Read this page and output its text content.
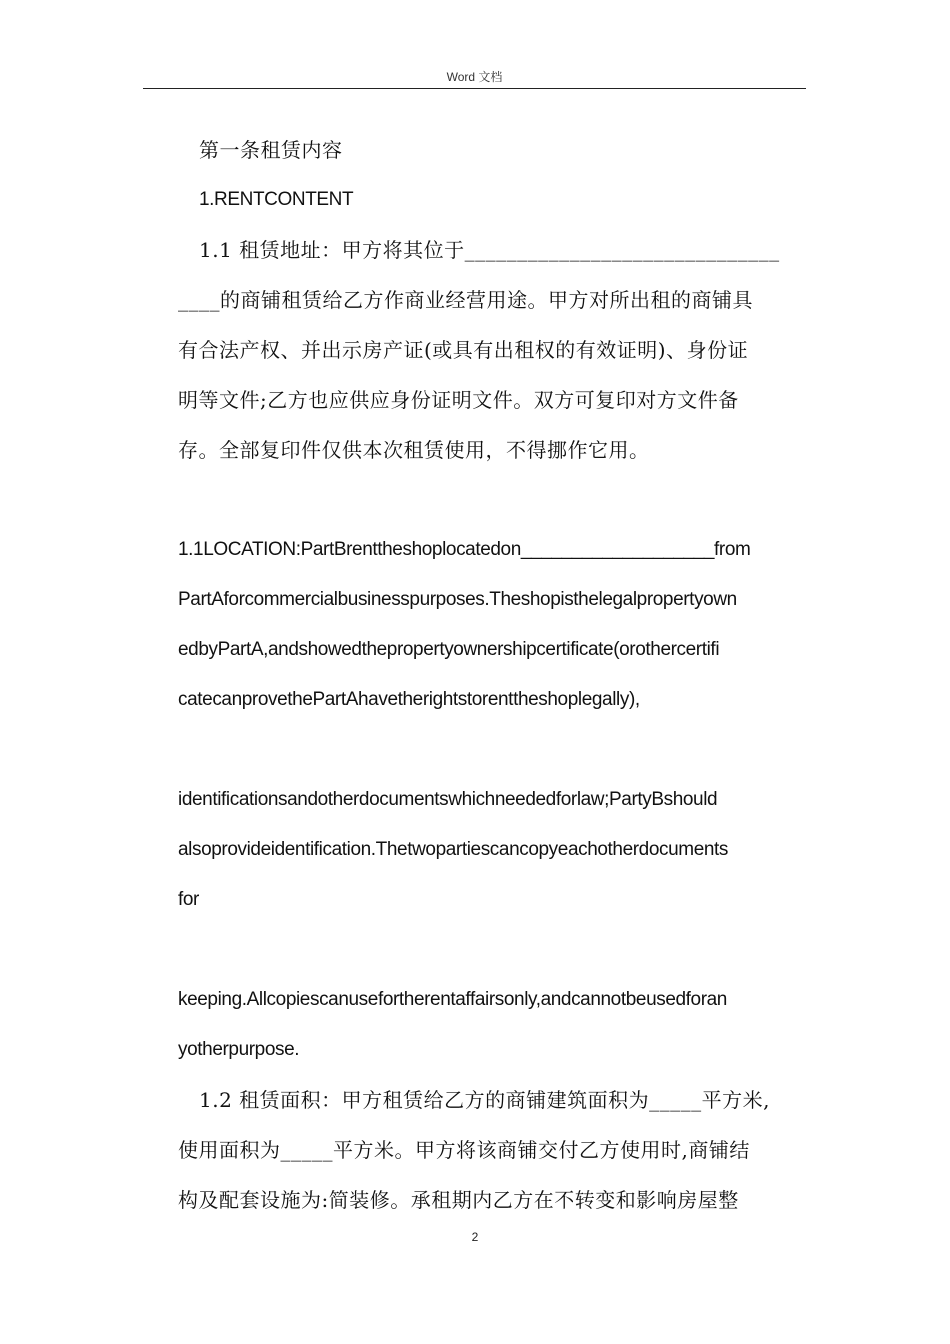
Word 文档
第一条租赁内容
1.RENTCONTENT
1.1 租赁地址：甲方将其位于______________________________
____的商铺租赁给乙方作商业经营用途。甲方对所出租的商铺具
有合法产权、并出示房产证(或具有出租权的有效证明)、身份证
明等文件;乙方也应供应身份证明文件。双方可复印对方文件备
存。全部复印件仅供本次租赁使用，不得挪作它用。
1.1LOCATION:PartBrenttheshoplocatedon___________________from
PartAforcommercialbusinesspurposes.Theshopisthelegalpropertyown
edbyPartA,andshowedthepropertyownershipcertificate(orothercertifi
catecanprovethePartAhavetherightstorenttheshoplegally),
identificationsandotherdocumentswhichneededforlaw;PartyBshould
alsoprovideidentification.Thetwopartiescancopyeachotherdocuments
for
keeping.Allcopiescanusefortherentaffairsonly,andcannotbeusedforan
yotherpurpose.
1.2 租赁面积：甲方租赁给乙方的商铺建筑面积为_____平方米,
使用面积为_____平方米。甲方将该商铺交付乙方使用时,商铺结
构及配套设施为:简装修。承租期内乙方在不转变和影响房屋整
2
